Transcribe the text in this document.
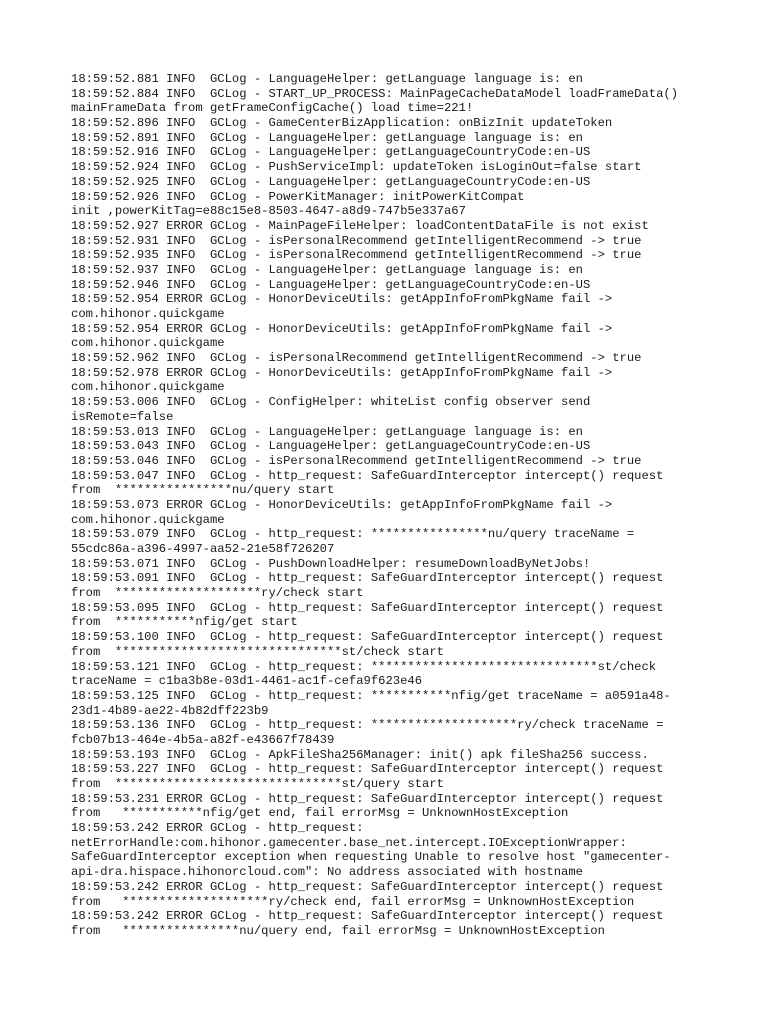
18:59:52.881 INFO  GCLog - LanguageHelper: getLanguage language is: en
18:59:52.884 INFO  GCLog - START_UP_PROCESS: MainPageCacheDataModel loadFrameData()
mainFrameData from getFrameConfigCache() load time=221!
18:59:52.896 INFO  GCLog - GameCenterBizApplication: onBizInit updateToken
18:59:52.891 INFO  GCLog - LanguageHelper: getLanguage language is: en
18:59:52.916 INFO  GCLog - LanguageHelper: getLanguageCountryCode:en-US
18:59:52.924 INFO  GCLog - PushServiceImpl: updateToken isLoginOut=false start
18:59:52.925 INFO  GCLog - LanguageHelper: getLanguageCountryCode:en-US
18:59:52.926 INFO  GCLog - PowerKitManager: initPowerKitCompat
init ,powerKitTag=e88c15e8-8503-4647-a8d9-747b5e337a67
18:59:52.927 ERROR GCLog - MainPageFileHelper: loadContentDataFile is not exist
18:59:52.931 INFO  GCLog - isPersonalRecommend getIntelligentRecommend -> true
18:59:52.935 INFO  GCLog - isPersonalRecommend getIntelligentRecommend -> true
18:59:52.937 INFO  GCLog - LanguageHelper: getLanguage language is: en
18:59:52.946 INFO  GCLog - LanguageHelper: getLanguageCountryCode:en-US
18:59:52.954 ERROR GCLog - HonorDeviceUtils: getAppInfoFromPkgName fail ->
com.hihonor.quickgame
18:59:52.954 ERROR GCLog - HonorDeviceUtils: getAppInfoFromPkgName fail ->
com.hihonor.quickgame
18:59:52.962 INFO  GCLog - isPersonalRecommend getIntelligentRecommend -> true
18:59:52.978 ERROR GCLog - HonorDeviceUtils: getAppInfoFromPkgName fail ->
com.hihonor.quickgame
18:59:53.006 INFO  GCLog - ConfigHelper: whiteList config observer send
isRemote=false
18:59:53.013 INFO  GCLog - LanguageHelper: getLanguage language is: en
18:59:53.043 INFO  GCLog - LanguageHelper: getLanguageCountryCode:en-US
18:59:53.046 INFO  GCLog - isPersonalRecommend getIntelligentRecommend -> true
18:59:53.047 INFO  GCLog - http_request: SafeGuardInterceptor intercept() request
from  ****************nu/query start
18:59:53.073 ERROR GCLog - HonorDeviceUtils: getAppInfoFromPkgName fail ->
com.hihonor.quickgame
18:59:53.079 INFO  GCLog - http_request: ****************nu/query traceName =
55cdc86a-a396-4997-aa52-21e58f726207
18:59:53.071 INFO  GCLog - PushDownloadHelper: resumeDownloadByNetJobs!
18:59:53.091 INFO  GCLog - http_request: SafeGuardInterceptor intercept() request
from  ********************ry/check start
18:59:53.095 INFO  GCLog - http_request: SafeGuardInterceptor intercept() request
from  ***********nfig/get start
18:59:53.100 INFO  GCLog - http_request: SafeGuardInterceptor intercept() request
from  *******************************st/check start
18:59:53.121 INFO  GCLog - http_request: *******************************st/check
traceName = c1ba3b8e-03d1-4461-ac1f-cefa9f623e46
18:59:53.125 INFO  GCLog - http_request: ***********nfig/get traceName = a0591a48-
23d1-4b89-ae22-4b82dff223b9
18:59:53.136 INFO  GCLog - http_request: ********************ry/check traceName =
fcb07b13-464e-4b5a-a82f-e43667f78439
18:59:53.193 INFO  GCLog - ApkFileSha256Manager: init() apk fileSha256 success.
18:59:53.227 INFO  GCLog - http_request: SafeGuardInterceptor intercept() request
from  *******************************st/query start
18:59:53.231 ERROR GCLog - http_request: SafeGuardInterceptor intercept() request
from   ***********nfig/get end, fail errorMsg = UnknownHostException
18:59:53.242 ERROR GCLog - http_request:
netErrorHandle:com.hihonor.gamecenter.base_net.intercept.IOExceptionWrapper:
SafeGuardInterceptor exception when requesting Unable to resolve host "gamecenter-
api-dra.hispace.hihonorcloud.com": No address associated with hostname
18:59:53.242 ERROR GCLog - http_request: SafeGuardInterceptor intercept() request
from   ********************ry/check end, fail errorMsg = UnknownHostException
18:59:53.242 ERROR GCLog - http_request: SafeGuardInterceptor intercept() request
from   ****************nu/query end, fail errorMsg = UnknownHostException
